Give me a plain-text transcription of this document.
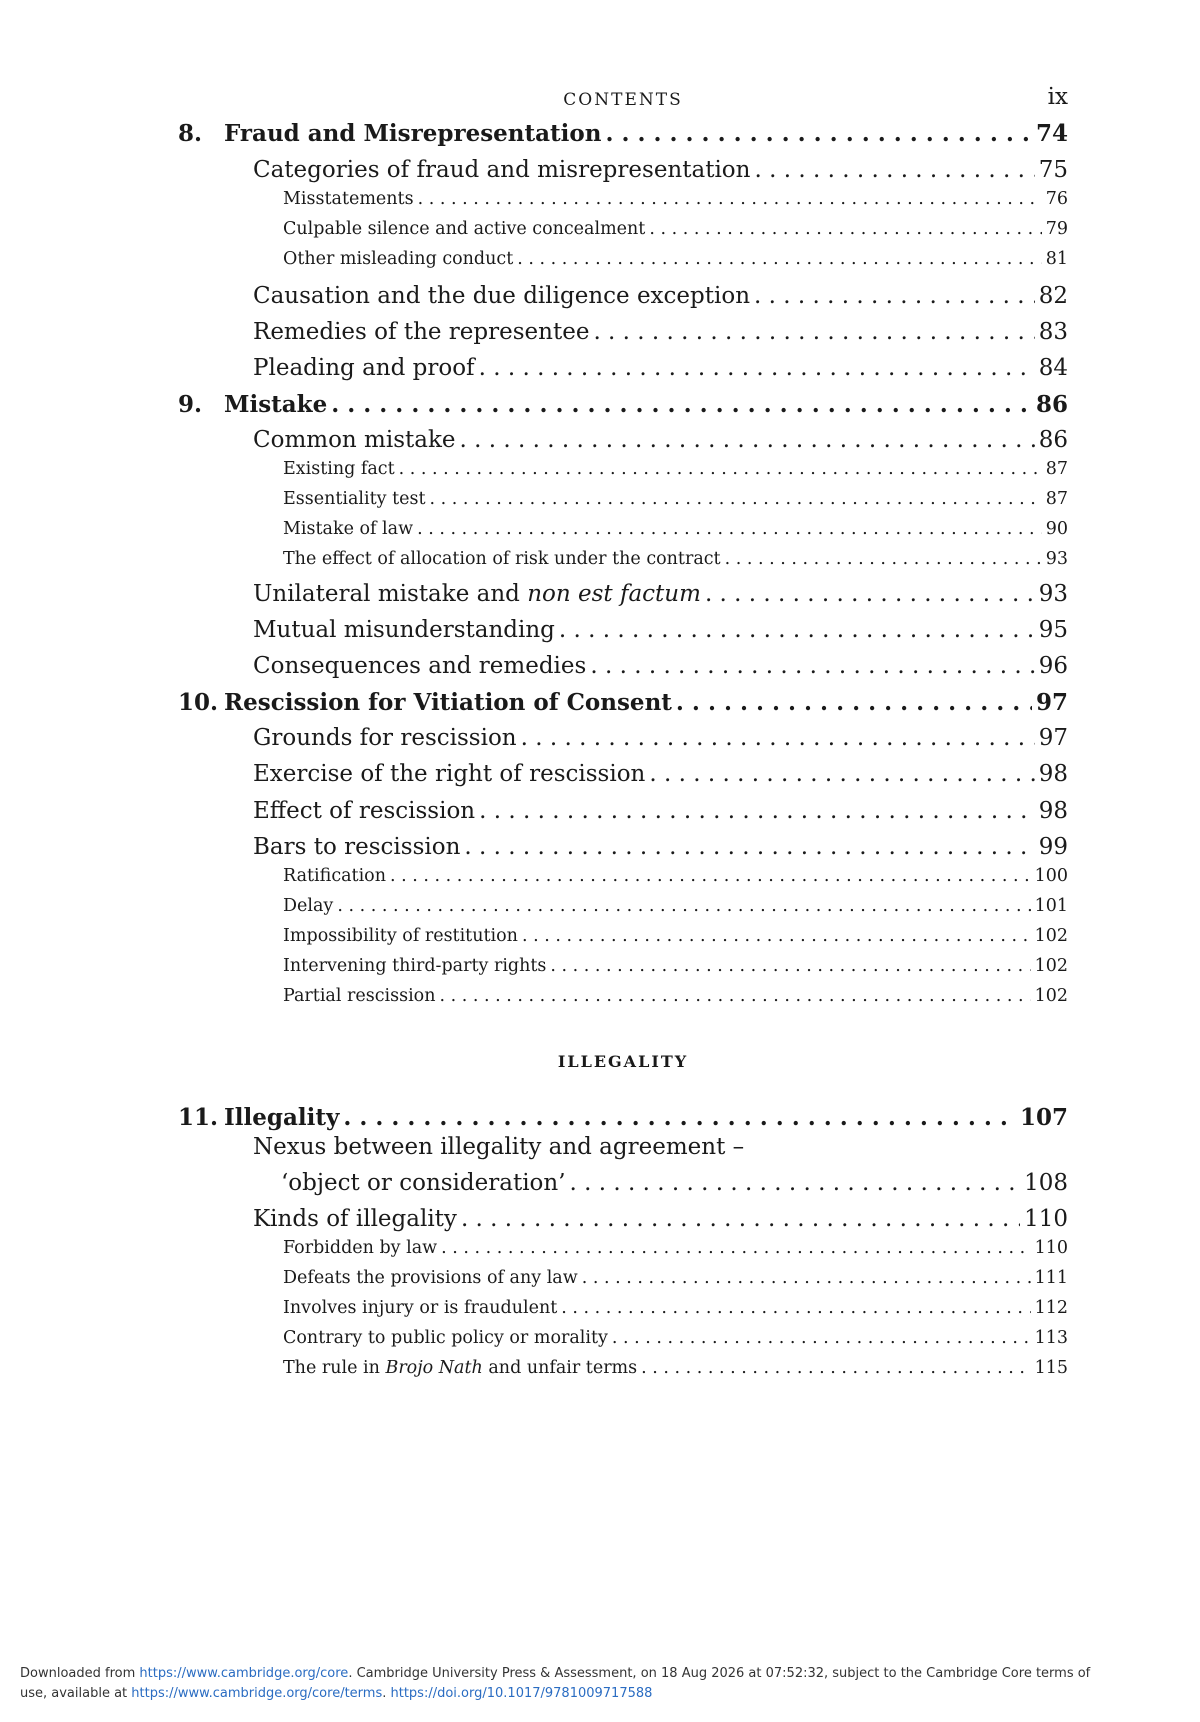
CONTENTS	ix
8. Fraud and Misrepresentation . . .	74
Categories of fraud and misrepresentation . . .	75
Misstatements . . .	76
Culpable silence and active concealment . . .	79
Other misleading conduct . . .	81
Causation and the due diligence exception . . .	82
Remedies of the representee . . .	83
Pleading and proof . . .	84
9. Mistake . . .	86
Common mistake . . .	86
Existing fact . . .	87
Essentiality test . . .	87
Mistake of law . . .	90
The effect of allocation of risk under the contract . . .	93
Unilateral mistake and non est factum . . .	93
Mutual misunderstanding . . .	95
Consequences and remedies . . .	96
10. Rescission for Vitiation of Consent . . .	97
Grounds for rescission . . .	97
Exercise of the right of rescission . . .	98
Effect of rescission . . .	98
Bars to rescission . . .	99
Ratification . . .	100
Delay . . .	101
Impossibility of restitution . . .	102
Intervening third-party rights . . .	102
Partial rescission . . .	102
ILLEGALITY
11. Illegality . . .	107
Nexus between illegality and agreement –
‘object or consideration’ . . .	108
Kinds of illegality . . .	110
Forbidden by law . . .	110
Defeats the provisions of any law . . .	111
Involves injury or is fraudulent . . .	112
Contrary to public policy or morality . . .	113
The rule in Brojo Nath and unfair terms . . .	115
Downloaded from https://www.cambridge.org/core. Cambridge University Press & Assessment, on 18 Aug 2026 at 07:52:32, subject to the Cambridge Core terms of
use, available at https://www.cambridge.org/core/terms. https://doi.org/10.1017/9781009717588
